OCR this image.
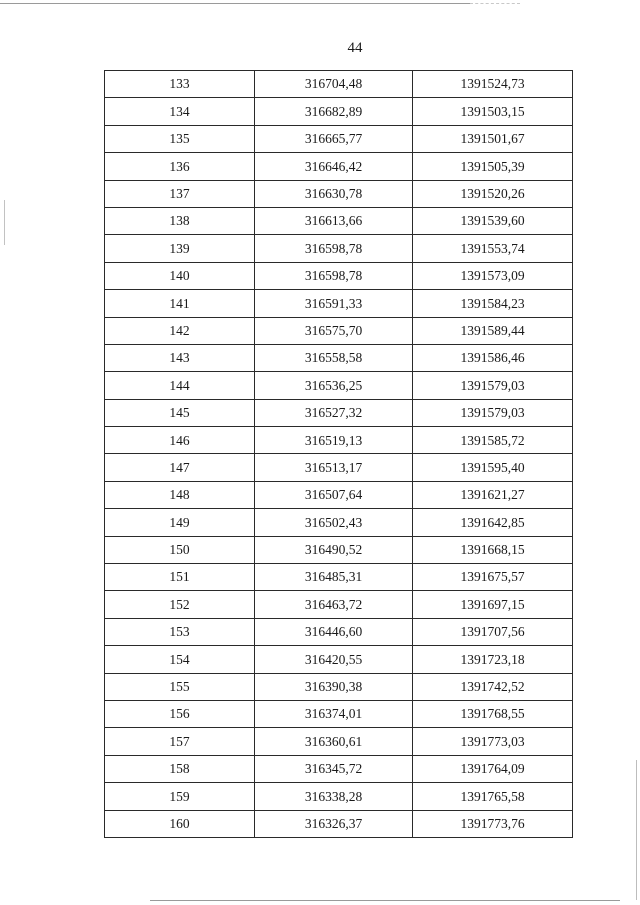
44
133	316704,48	1391524,73
134	316682,89	1391503,15
135	316665,77	1391501,67
136	316646,42	1391505,39
137	316630,78	1391520,26
138	316613,66	1391539,60
139	316598,78	1391553,74
140	316598,78	1391573,09
141	316591,33	1391584,23
142	316575,70	1391589,44
143	316558,58	1391586,46
144	316536,25	1391579,03
145	316527,32	1391579,03
146	316519,13	1391585,72
147	316513,17	1391595,40
148	316507,64	1391621,27
149	316502,43	1391642,85
150	316490,52	1391668,15
151	316485,31	1391675,57
152	316463,72	1391697,15
153	316446,60	1391707,56
154	316420,55	1391723,18
155	316390,38	1391742,52
156	316374,01	1391768,55
157	316360,61	1391773,03
158	316345,72	1391764,09
159	316338,28	1391765,58
160	316326,37	1391773,76
